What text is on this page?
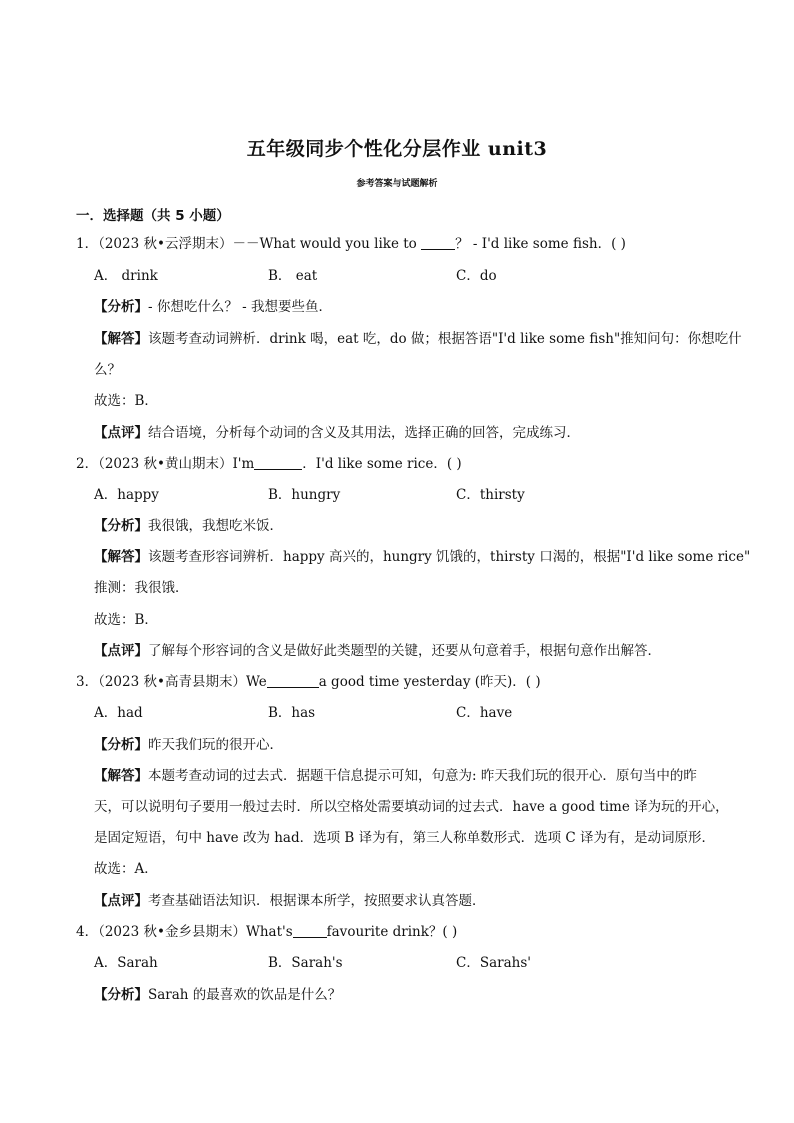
五年级同步个性化分层作业 unit3
参考答案与试题解析
一．选择题（共 5 小题）
1．（2023 秋•云浮期末）－－What would you like to	？ - I'd like some fish．( )
A． drink	B． eat	C．do
【分析】- 你想吃什么？ - 我想要些鱼．
【解答】该题考查动词辨析．drink 喝，eat 吃，do 做；根据答语"I'd like some fish"推知问句：你想吃什
么？
故选：B．
【点评】结合语境，分析每个动词的含义及其用法，选择正确的回答，完成练习．
2．（2023 秋•黄山期末）I'm	．I'd like some rice．( )
A．happy	B．hungry	C．thirsty
【分析】我很饿，我想吃米饭．
【解答】该题考查形容词辨析．happy 高兴的，hungry 饥饿的，thirsty 口渴的，根据"I'd like some rice"
推测：我很饿．
故选：B．
【点评】了解每个形容词的含义是做好此类题型的关键，还要从句意着手，根据句意作出解答．
3．（2023 秋•高青县期末）We	a good time yesterday (昨天)．( )
A．had	B．has	C．have
【分析】昨天我们玩的很开心．
【解答】本题考查动词的过去式．据题干信息提示可知，句意为: 昨天我们玩的很开心．原句当中的昨
天，可以说明句子要用一般过去时．所以空格处需要填动词的过去式．have a good time 译为玩的开心，
是固定短语，句中 have 改为 had．选项 B 译为有，第三人称单数形式．选项 C 译为有，是动词原形．
故选：A．
【点评】考查基础语法知识．根据课本所学，按照要求认真答题．
4．（2023 秋•金乡县期末）What's	favourite drink？( )
A．Sarah	B．Sarah's	C．Sarahs'
【分析】Sarah 的最喜欢的饮品是什么？
